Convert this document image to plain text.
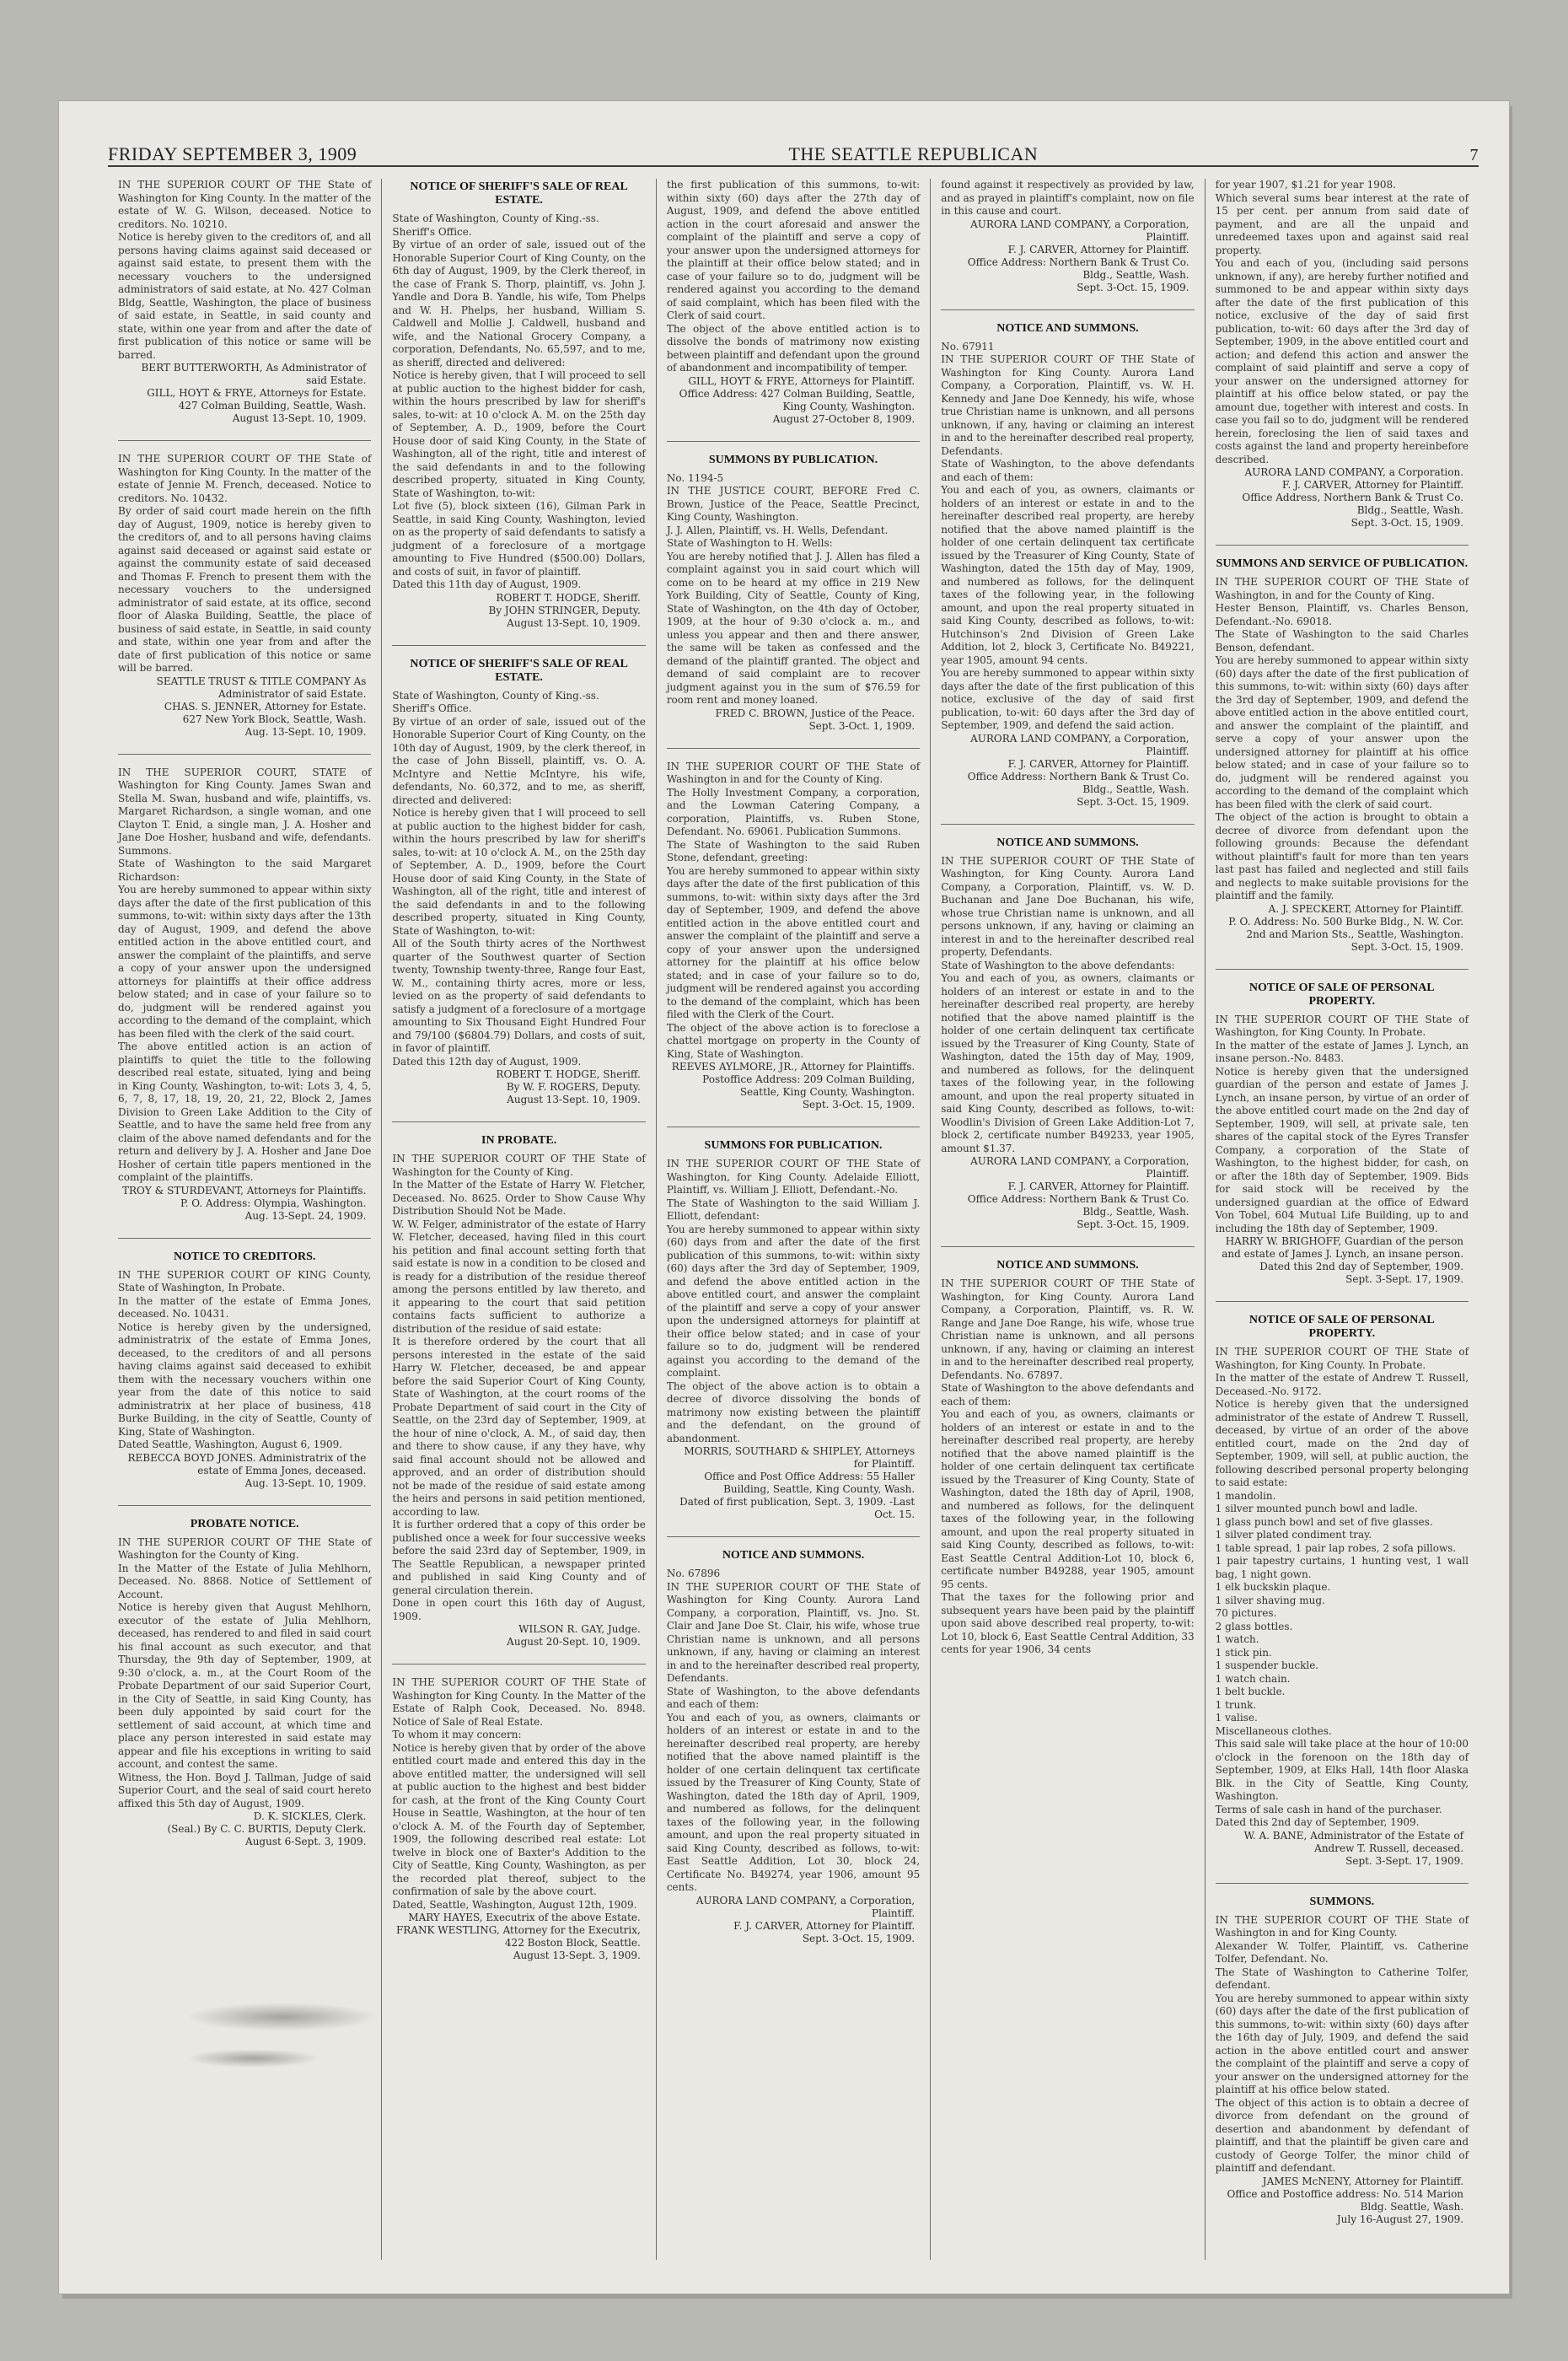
FRIDAY SEPTEMBER 3, 1909	THE SEATTLE REPUBLICAN	7
IN THE SUPERIOR COURT OF THE State of Washington for King County. In the matter of the estate of W. G. Wilson, deceased. Notice to creditors. No. 10210.
Notice is hereby given to the creditors of, and all persons having claims against said deceased or against said estate, to present them with the necessary vouchers to the undersigned administrators of said estate, at No. 427 Colman Bldg, Seattle, Washington, the place of business of said estate, in Seattle, in said county and state, within one year from and after the date of first publication of this notice or same will be barred.
BERT BUTTERWORTH, As Administrator of said Estate.
GILL, HOYT & FRYE, Attorneys for Estate.
427 Colman Building, Seattle, Wash.
August 13-Sept. 10, 1909.
IN THE SUPERIOR COURT OF THE State of Washington for King County. In the matter of the estate of Jennie M. French, deceased. Notice to creditors. No. 10432.
By order of said court made herein on the fifth day of August, 1909, notice is hereby given to the creditors of, and to all persons having claims against said deceased or against said estate or against the community estate of said deceased and Thomas F. French to present them with the necessary vouchers to the undersigned administrator of said estate, at its office, second floor of Alaska Building, Seattle, the place of business of said estate, in Seattle, in said county and state, within one year from and after the date of first publication of this notice or same will be barred.
SEATTLE TRUST & TITLE COMPANY As Administrator of said Estate.
CHAS. S. JENNER, Attorney for Estate.
627 New York Block, Seattle, Wash.
Aug. 13-Sept. 10, 1909.
IN THE SUPERIOR COURT, STATE of Washington for King County. James Swan and Stella M. Swan, husband and wife, plaintiffs, vs. Margaret Richardson, a single woman, and one Clayton T. Enid, a single man, J. A. Hosher and Jane Doe Hosher, husband and wife, defendants. Summons.
State of Washington to the said Margaret Richardson:
You are hereby summoned to appear within sixty days after the date of the first publication of this summons, to-wit: within sixty days after the 13th day of August, 1909, and defend the above entitled action in the above entitled court, and answer the complaint of the plaintiffs, and serve a copy of your answer upon the undersigned attorneys for plaintiffs at their office address below stated; and in case of your failure so to do, judgment will be rendered against you according to the demand of the complaint, which has been filed with the clerk of the said court.
The above entitled action is an action of plaintiffs to quiet the title to the following described real estate, situated, lying and being in King County, Washington, to-wit: Lots 3, 4, 5, 6, 7, 8, 17, 18, 19, 20, 21, 22, Block 2, James Division to Green Lake Addition to the City of Seattle, and to have the same held free from any claim of the above named defendants and for the return and delivery by J. A. Hosher and Jane Doe Hosher of certain title papers mentioned in the complaint of the plaintiffs.
TROY & STURDEVANT, Attorneys for Plaintiffs.
P. O. Address: Olympia, Washington.
Aug. 13-Sept. 24, 1909.
NOTICE TO CREDITORS.
IN THE SUPERIOR COURT OF KING County, State of Washington, In Probate.
In the matter of the estate of Emma Jones, deceased. No. 10431.
Notice is hereby given by the undersigned, administratrix of the estate of Emma Jones, deceased, to the creditors of and all persons having claims against said deceased to exhibit them with the necessary vouchers within one year from the date of this notice to said administratrix at her place of business, 418 Burke Building, in the city of Seattle, County of King, State of Washington.
Dated Seattle, Washington, August 6, 1909.
REBECCA BOYD JONES. Administratrix of the estate of Emma Jones, deceased.
Aug. 13-Sept. 10, 1909.
PROBATE NOTICE.
IN THE SUPERIOR COURT OF THE State of Washington for the County of King.
In the Matter of the Estate of Julia Mehlhorn, Deceased. No. 8868. Notice of Settlement of Account.
Notice is hereby given that August Mehlhorn, executor of the estate of Julia Mehlhorn, deceased, has rendered to and filed in said court his final account as such executor, and that Thursday, the 9th day of September, 1909, at 9:30 o'clock, a. m., at the Court Room of the Probate Department of our said Superior Court, in the City of Seattle, in said King County, has been duly appointed by said court for the settlement of said account, at which time and place any person interested in said estate may appear and file his exceptions in writing to said account, and contest the same.
Witness, the Hon. Boyd J. Tallman, Judge of said Superior Court, and the seal of said court hereto affixed this 5th day of August, 1909.
D. K. SICKLES, Clerk.
(Seal.) By C. C. BURTIS, Deputy Clerk.
August 6-Sept. 3, 1909.
NOTICE OF SHERIFF'S SALE OF REAL ESTATE.
State of Washington, County of King.-ss.
Sheriff's Office.
By virtue of an order of sale, issued out of the Honorable Superior Court of King County, on the 6th day of August, 1909, by the Clerk thereof, in the case of Frank S. Thorp, plaintiff, vs. John J. Yandle and Dora B. Yandle, his wife, Tom Phelps and W. H. Phelps, her husband, William S. Caldwell and Mollie J. Caldwell, husband and wife, and the National Grocery Company, a corporation, Defendants, No. 65,597, and to me, as sheriff, directed and delivered:
Notice is hereby given, that I will proceed to sell at public auction to the highest bidder for cash, within the hours prescribed by law for sheriff's sales, to-wit: at 10 o'clock A. M. on the 25th day of September, A. D., 1909, before the Court House door of said King County, in the State of Washington, all of the right, title and interest of the said defendants in and to the following described property, situated in King County, State of Washington, to-wit:
Lot five (5), block sixteen (16), Gilman Park in Seattle, in said King County, Washington, levied on as the property of said defendants to satisfy a judgment of a foreclosure of a mortgage amounting to Five Hundred ($500.00) Dollars, and costs of suit, in favor of plaintiff.
Dated this 11th day of August, 1909.
ROBERT T. HODGE, Sheriff.
By JOHN STRINGER, Deputy.
August 13-Sept. 10, 1909.
NOTICE OF SHERIFF'S SALE OF REAL ESTATE.
State of Washington, County of King.-ss.
Sheriff's Office.
By virtue of an order of sale, issued out of the Honorable Superior Court of King County, on the 10th day of August, 1909, by the clerk thereof, in the case of John Bissell, plaintiff, vs. O. A. McIntyre and Nettie McIntyre, his wife, defendants, No. 60,372, and to me, as sheriff, directed and delivered:
Notice is hereby given that I will proceed to sell at public auction to the highest bidder for cash, within the hours prescribed by law for sheriff's sales, to-wit: at 10 o'clock A. M., on the 25th day of September, A. D., 1909, before the Court House door of said King County, in the State of Washington, all of the right, title and interest of the said defendants in and to the following described property, situated in King County, State of Washington, to-wit:
All of the South thirty acres of the Northwest quarter of the Southwest quarter of Section twenty, Township twenty-three, Range four East, W. M., containing thirty acres, more or less, levied on as the property of said defendants to satisfy a judgment of a foreclosure of a mortgage amounting to Six Thousand Eight Hundred Four and 79/100 ($6804.79) Dollars, and costs of suit, in favor of plaintiff.
Dated this 12th day of August, 1909.
ROBERT T. HODGE, Sheriff.
By W. F. ROGERS, Deputy.
August 13-Sept. 10, 1909.
IN PROBATE.
IN THE SUPERIOR COURT OF THE State of Washington for the County of King.
In the Matter of the Estate of Harry W. Fletcher, Deceased. No. 8625. Order to Show Cause Why Distribution Should Not be Made.
W. W. Felger, administrator of the estate of Harry W. Fletcher, deceased, having filed in this court his petition and final account setting forth that said estate is now in a condition to be closed and is ready for a distribution of the residue thereof among the persons entitled by law thereto, and it appearing to the court that said petition contains facts sufficient to authorize a distribution of the residue of said estate:
It is therefore ordered by the court that all persons interested in the estate of the said Harry W. Fletcher, deceased, be and appear before the said Superior Court of King County, State of Washington, at the court rooms of the Probate Department of said court in the City of Seattle, on the 23rd day of September, 1909, at the hour of nine o'clock, A. M., of said day, then and there to show cause, if any they have, why said final account should not be allowed and approved, and an order of distribution should not be made of the residue of said estate among the heirs and persons in said petition mentioned, according to law.
It is further ordered that a copy of this order be published once a week for four successive weeks before the said 23rd day of September, 1909, in The Seattle Republican, a newspaper printed and published in said King County and of general circulation therein.
Done in open court this 16th day of August, 1909.
WILSON R. GAY, Judge.
August 20-Sept. 10, 1909.
IN THE SUPERIOR COURT OF THE State of Washington for King County. In the Matter of the Estate of Ralph Cook, Deceased. No. 8948. Notice of Sale of Real Estate.
To whom it may concern:
Notice is hereby given that by order of the above entitled court made and entered this day in the above entitled matter, the undersigned will sell at public auction to the highest and best bidder for cash, at the front of the King County Court House in Seattle, Washington, at the hour of ten o'clock A. M. of the Fourth day of September, 1909, the following described real estate: Lot twelve in block one of Baxter's Addition to the City of Seattle, King County, Washington, as per the recorded plat thereof, subject to the confirmation of sale by the above court.
Dated, Seattle, Washington, August 12th, 1909.
MARY HAYES, Executrix of the above Estate.
FRANK WESTLING, Attorney for the Executrix, 422 Boston Block, Seattle.
August 13-Sept. 3, 1909.
the first publication of this summons, to-wit: within sixty (60) days after the 27th day of August, 1909, and defend the above entitled action in the court aforesaid and answer the complaint of the plaintiff and serve a copy of your answer upon the undersigned attorneys for the plaintiff at their office below stated; and in case of your failure so to do, judgment will be rendered against you according to the demand of said complaint, which has been filed with the Clerk of said court.
The object of the above entitled action is to dissolve the bonds of matrimony now existing between plaintiff and defendant upon the ground of abandonment and incompatibility of temper.
GILL, HOYT & FRYE, Attorneys for Plaintiff.
Office Address: 427 Colman Building, Seattle, King County, Washington.
August 27-October 8, 1909.
SUMMONS BY PUBLICATION.
No. 1194-5
IN THE JUSTICE COURT, BEFORE Fred C. Brown, Justice of the Peace, Seattle Precinct, King County, Washington.
J. J. Allen, Plaintiff, vs. H. Wells, Defendant.
State of Washington to H. Wells:
You are hereby notified that J. J. Allen has filed a complaint against you in said court which will come on to be heard at my office in 219 New York Building, City of Seattle, County of King, State of Washington, on the 4th day of October, 1909, at the hour of 9:30 o'clock a. m., and unless you appear and then and there answer, the same will be taken as confessed and the demand of the plaintiff granted. The object and demand of said complaint are to recover judgment against you in the sum of $76.59 for room rent and money loaned.
FRED C. BROWN, Justice of the Peace.
Sept. 3-Oct. 1, 1909.
IN THE SUPERIOR COURT OF THE State of Washington in and for the County of King.
The Holly Investment Company, a corporation, and the Lowman Catering Company, a corporation, Plaintiffs, vs. Ruben Stone, Defendant. No. 69061. Publication Summons.
The State of Washington to the said Ruben Stone, defendant, greeting:
You are hereby summoned to appear within sixty days after the date of the first publication of this summons, to-wit: within sixty days after the 3rd day of September, 1909, and defend the above entitled action in the above entitled court and answer the complaint of the plaintiff and serve a copy of your answer upon the undersigned attorney for the plaintiff at his office below stated; and in case of your failure so to do, judgment will be rendered against you according to the demand of the complaint, which has been filed with the Clerk of the Court.
The object of the above action is to foreclose a chattel mortgage on property in the County of King, State of Washington.
REEVES AYLMORE, JR., Attorney for Plaintiffs.
Postoffice Address: 209 Colman Building, Seattle, King County, Washington.
Sept. 3-Oct. 15, 1909.
SUMMONS FOR PUBLICATION.
IN THE SUPERIOR COURT OF THE State of Washington, for King County. Adelaide Elliott, Plaintiff, vs. William J. Elliott, Defendant.-No.
The State of Washington to the said William J. Elliott, defendant:
You are hereby summoned to appear within sixty (60) days from and after the date of the first publication of this summons, to-wit: within sixty (60) days after the 3rd day of September, 1909, and defend the above entitled action in the above entitled court, and answer the complaint of the plaintiff and serve a copy of your answer upon the undersigned attorneys for plaintiff at their office below stated; and in case of your failure so to do, judgment will be rendered against you according to the demand of the complaint.
The object of the above action is to obtain a decree of divorce dissolving the bonds of matrimony now existing between the plaintiff and the defendant, on the ground of abandonment.
MORRIS, SOUTHARD & SHIPLEY, Attorneys for Plaintiff.
Office and Post Office Address: 55 Haller Building, Seattle, King County, Wash.
Dated of first publication, Sept. 3, 1909. -Last Oct. 15.
NOTICE AND SUMMONS.
No. 67896
IN THE SUPERIOR COURT OF THE State of Washington for King County. Aurora Land Company, a corporation, Plaintiff, vs. Jno. St. Clair and Jane Doe St. Clair, his wife, whose true Christian name is unknown, and all persons unknown, if any, having or claiming an interest in and to the hereinafter described real property, Defendants.
State of Washington, to the above defendants and each of them:
You and each of you, as owners, claimants or holders of an interest or estate in and to the hereinafter described real property, are hereby notified that the above named plaintiff is the holder of one certain delinquent tax certificate issued by the Treasurer of King County, State of Washington, dated the 18th day of April, 1909, and numbered as follows, for the delinquent taxes of the following year, in the following amount, and upon the real property situated in said King County, described as follows, to-wit: East Seattle Addition, Lot 30, block 24, Certificate No. B49274, year 1906, amount 95 cents.
AURORA LAND COMPANY, a Corporation, Plaintiff.
F. J. CARVER, Attorney for Plaintiff.
Sept. 3-Oct. 15, 1909.
found against it respectively as provided by law, and as prayed in plaintiff's complaint, now on file in this cause and court.
AURORA LAND COMPANY, a Corporation, Plaintiff.
F. J. CARVER, Attorney for Plaintiff.
Office Address: Northern Bank & Trust Co. Bldg., Seattle, Wash.
Sept. 3-Oct. 15, 1909.
NOTICE AND SUMMONS.
No. 67911
IN THE SUPERIOR COURT OF THE State of Washington for King County. Aurora Land Company, a Corporation, Plaintiff, vs. W. H. Kennedy and Jane Doe Kennedy, his wife, whose true Christian name is unknown, and all persons unknown, if any, having or claiming an interest in and to the hereinafter described real property, Defendants.
State of Washington, to the above defendants and each of them:
You and each of you, as owners, claimants or holders of an interest or estate in and to the hereinafter described real property, are hereby notified that the above named plaintiff is the holder of one certain delinquent tax certificate issued by the Treasurer of King County, State of Washington, dated the 15th day of May, 1909, and numbered as follows, for the delinquent taxes of the following year, in the following amount, and upon the real property situated in said King County, described as follows, to-wit: Hutchinson's 2nd Division of Green Lake Addition, lot 2, block 3, Certificate No. B49221, year 1905, amount 94 cents.
You are hereby summoned to appear within sixty days after the date of the first publication of this notice, exclusive of the day of said first publication, to-wit: 60 days after the 3rd day of September, 1909, and defend the said action.
AURORA LAND COMPANY, a Corporation, Plaintiff.
F. J. CARVER, Attorney for Plaintiff.
Office Address: Northern Bank & Trust Co. Bldg., Seattle, Wash.
Sept. 3-Oct. 15, 1909.
NOTICE AND SUMMONS.
IN THE SUPERIOR COURT OF THE State of Washington, for King County. Aurora Land Company, a Corporation, Plaintiff, vs. W. D. Buchanan and Jane Doe Buchanan, his wife, whose true Christian name is unknown, and all persons unknown, if any, having or claiming an interest in and to the hereinafter described real property, Defendants.
State of Washington to the above defendants:
You and each of you, as owners, claimants or holders of an interest or estate in and to the hereinafter described real property, are hereby notified that the above named plaintiff is the holder of one certain delinquent tax certificate issued by the Treasurer of King County, State of Washington, dated the 15th day of May, 1909, and numbered as follows, for the delinquent taxes of the following year, in the following amount, and upon the real property situated in said King County, described as follows, to-wit: Woodlin's Division of Green Lake Addition-Lot 7, block 2, certificate number B49233, year 1905, amount $1.37.
AURORA LAND COMPANY, a Corporation, Plaintiff.
F. J. CARVER, Attorney for Plaintiff.
Office Address: Northern Bank & Trust Co. Bldg., Seattle, Wash.
Sept. 3-Oct. 15, 1909.
NOTICE AND SUMMONS.
IN THE SUPERIOR COURT OF THE State of Washington, for King County. Aurora Land Company, a Corporation, Plaintiff, vs. R. W. Range and Jane Doe Range, his wife, whose true Christian name is unknown, and all persons unknown, if any, having or claiming an interest in and to the hereinafter described real property, Defendants. No. 67897.
State of Washington to the above defendants and each of them:
You and each of you, as owners, claimants or holders of an interest or estate in and to the hereinafter described real property, are hereby notified that the above named plaintiff is the holder of one certain delinquent tax certificate issued by the Treasurer of King County, State of Washington, dated the 18th day of April, 1908, and numbered as follows, for the delinquent taxes of the following year, in the following amount, and upon the real property situated in said King County, described as follows, to-wit: East Seattle Central Addition-Lot 10, block 6, certificate number B49288, year 1905, amount 95 cents.
That the taxes for the following prior and subsequent years have been paid by the plaintiff upon said above described real property, to-wit: Lot 10, block 6, East Seattle Central Addition, 33 cents for year 1906, 34 cents
for year 1907, $1.21 for year 1908.
Which several sums bear interest at the rate of 15 per cent. per annum from said date of payment, and are all the unpaid and unredeemed taxes upon and against said real property.
You and each of you, (including said persons unknown, if any), are hereby further notified and summoned to be and appear within sixty days after the date of the first publication of this notice, exclusive of the day of said first publication, to-wit: 60 days after the 3rd day of September, 1909, in the above entitled court and action; and defend this action and answer the complaint of said plaintiff and serve a copy of your answer on the undersigned attorney for plaintiff at his office below stated, or pay the amount due, together with interest and costs. In case you fail so to do, judgment will be rendered herein, foreclosing the lien of said taxes and costs against the land and property hereinbefore described.
AURORA LAND COMPANY, a Corporation.
F. J. CARVER, Attorney for Plaintiff.
Office Address, Northern Bank & Trust Co. Bldg., Seattle, Wash.
Sept. 3-Oct. 15, 1909.
SUMMONS AND SERVICE OF PUBLICATION.
IN THE SUPERIOR COURT OF THE State of Washington, in and for the County of King.
Hester Benson, Plaintiff, vs. Charles Benson, Defendant.-No. 69018.
The State of Washington to the said Charles Benson, defendant.
You are hereby summoned to appear within sixty (60) days after the date of the first publication of this summons, to-wit: within sixty (60) days after the 3rd day of September, 1909, and defend the above entitled action in the above entitled court, and answer the complaint of the plaintiff, and serve a copy of your answer upon the undersigned attorney for plaintiff at his office below stated; and in case of your failure so to do, judgment will be rendered against you according to the demand of the complaint which has been filed with the clerk of said court.
The object of the action is brought to obtain a decree of divorce from defendant upon the following grounds: Because the defendant without plaintiff's fault for more than ten years last past has failed and neglected and still fails and neglects to make suitable provisions for the plaintiff and the family.
A. J. SPECKERT, Attorney for Plaintiff.
P. O. Address: No. 500 Burke Bldg., N. W. Cor. 2nd and Marion Sts., Seattle, Washington.
Sept. 3-Oct. 15, 1909.
NOTICE OF SALE OF PERSONAL PROPERTY.
IN THE SUPERIOR COURT OF THE State of Washington, for King County. In Probate.
In the matter of the estate of James J. Lynch, an insane person.-No. 8483.
Notice is hereby given that the undersigned guardian of the person and estate of James J. Lynch, an insane person, by virtue of an order of the above entitled court made on the 2nd day of September, 1909, will sell, at private sale, ten shares of the capital stock of the Eyres Transfer Company, a corporation of the State of Washington, to the highest bidder, for cash, on or after the 18th day of September, 1909. Bids for said stock will be received by the undersigned guardian at the office of Edward Von Tobel, 604 Mutual Life Building, up to and including the 18th day of September, 1909.
HARRY W. BRIGHOFF, Guardian of the person and estate of James J. Lynch, an insane person.
Dated this 2nd day of September, 1909.
Sept. 3-Sept. 17, 1909.
NOTICE OF SALE OF PERSONAL PROPERTY.
IN THE SUPERIOR COURT OF THE State of Washington, for King County. In Probate.
In the matter of the estate of Andrew T. Russell, Deceased.-No. 9172.
Notice is hereby given that the undersigned administrator of the estate of Andrew T. Russell, deceased, by virtue of an order of the above entitled court, made on the 2nd day of September, 1909, will sell, at public auction, the following described personal property belonging to said estate:
1 mandolin.
1 silver mounted punch bowl and ladle.
1 glass punch bowl and set of five glasses.
1 silver plated condiment tray.
1 table spread, 1 pair lap robes, 2 sofa pillows.
1 pair tapestry curtains, 1 hunting vest, 1 wall bag, 1 night gown.
1 elk buckskin plaque.
1 silver shaving mug.
70 pictures.
2 glass bottles.
1 watch.
1 stick pin.
1 suspender buckle.
1 watch chain.
1 belt buckle.
1 trunk.
1 valise.
Miscellaneous clothes.
This said sale will take place at the hour of 10:00 o'clock in the forenoon on the 18th day of September, 1909, at Elks Hall, 14th floor Alaska Blk. in the City of Seattle, King County, Washington.
Terms of sale cash in hand of the purchaser.
Dated this 2nd day of September, 1909.
W. A. BANE, Administrator of the Estate of Andrew T. Russell, deceased.
Sept. 3-Sept. 17, 1909.
SUMMONS.
IN THE SUPERIOR COURT OF THE State of Washington in and for King County.
Alexander W. Tolfer, Plaintiff, vs. Catherine Tolfer, Defendant. No.
The State of Washington to Catherine Tolfer, defendant.
You are hereby summoned to appear within sixty (60) days after the date of the first publication of this summons, to-wit: within sixty (60) days after the 16th day of July, 1909, and defend the said action in the above entitled court and answer the complaint of the plaintiff and serve a copy of your answer on the undersigned attorney for the plaintiff at his office below stated.
The object of this action is to obtain a decree of divorce from defendant on the ground of desertion and abandonment by defendant of plaintiff, and that the plaintiff be given care and custody of George Tolfer, the minor child of plaintiff and defendant.
JAMES McNENY, Attorney for Plaintiff.
Office and Postoffice address: No. 514 Marion Bldg. Seattle, Wash.
July 16-August 27, 1909.
